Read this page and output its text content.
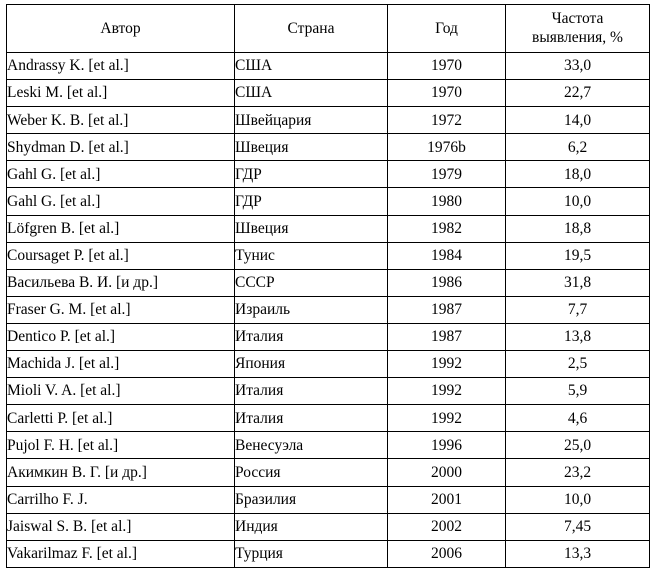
Автор	Страна	Год	Частота
выявления, %
Andrassy K. [et al.]	США	1970	33,0
Leski M. [et al.]	США	1970	22,7
Weber K. B. [et al.]	Швейцария	1972	14,0
Shydman D. [et al.]	Швеция	1976b	6,2
Gahl G. [et al.]	ГДР	1979	18,0
Gahl G. [et al.]	ГДР	1980	10,0
Löfgren B. [et al.]	Швеция	1982	18,8
Coursaget P. [et al.]	Тунис	1984	19,5
Васильева В. И. [и др.]	СССР	1986	31,8
Fraser G. M. [et al.]	Израиль	1987	7,7
Dentico P. [et al.]	Италия	1987	13,8
Machida J. [et al.]	Япония	1992	2,5
Mioli V. A. [et al.]	Италия	1992	5,9
Carletti P. [et al.]	Италия	1992	4,6
Pujol F. H. [et al.]	Венесуэла	1996	25,0
Акимкин В. Г. [и др.]	Россия	2000	23,2
Carrilho F. J.	Бразилия	2001	10,0
Jaiswal S. B. [et al.]	Индия	2002	7,45
Vakarilmaz F. [et al.]	Турция	2006	13,3
